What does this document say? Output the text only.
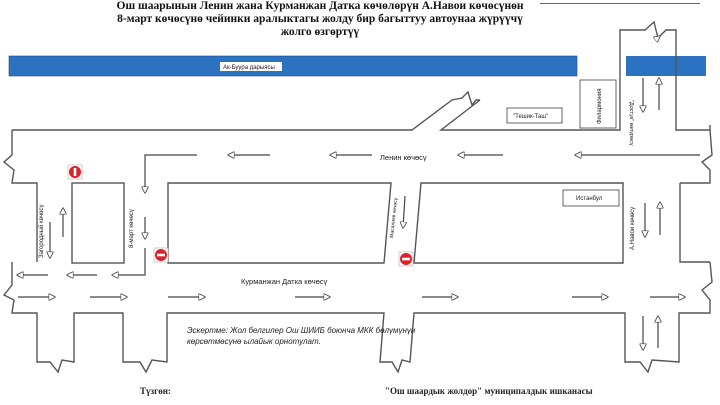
Ош шаарынын Ленин жана Курманжан Датка көчөлөрүн А.Навои көчөсүнөн
8-март көчөсүнө чейинки аралыктагы жолду бир багыттуу автоунаа жүрүүчү
жолго өзгөртүү
Ак-Буура дарыясы
"Тешик-Таш"	Филармония
Истанбул
Ленин көчөсү
Курманжан Датка көчөсү
Загородный көчөсү	8-март көчөсү	Масалиев көчөсү	А.Навои көчөсү
"Достук" көпүрөсү
Эскертме: Жол белгилер Ош ШИИБ боюнча МКК бөлүмүнүн көрсөтмөсүнө ылайык орнотулат.
Түзгөн:	"Ош шаардык жолдор" муниципалдык ишканасы
